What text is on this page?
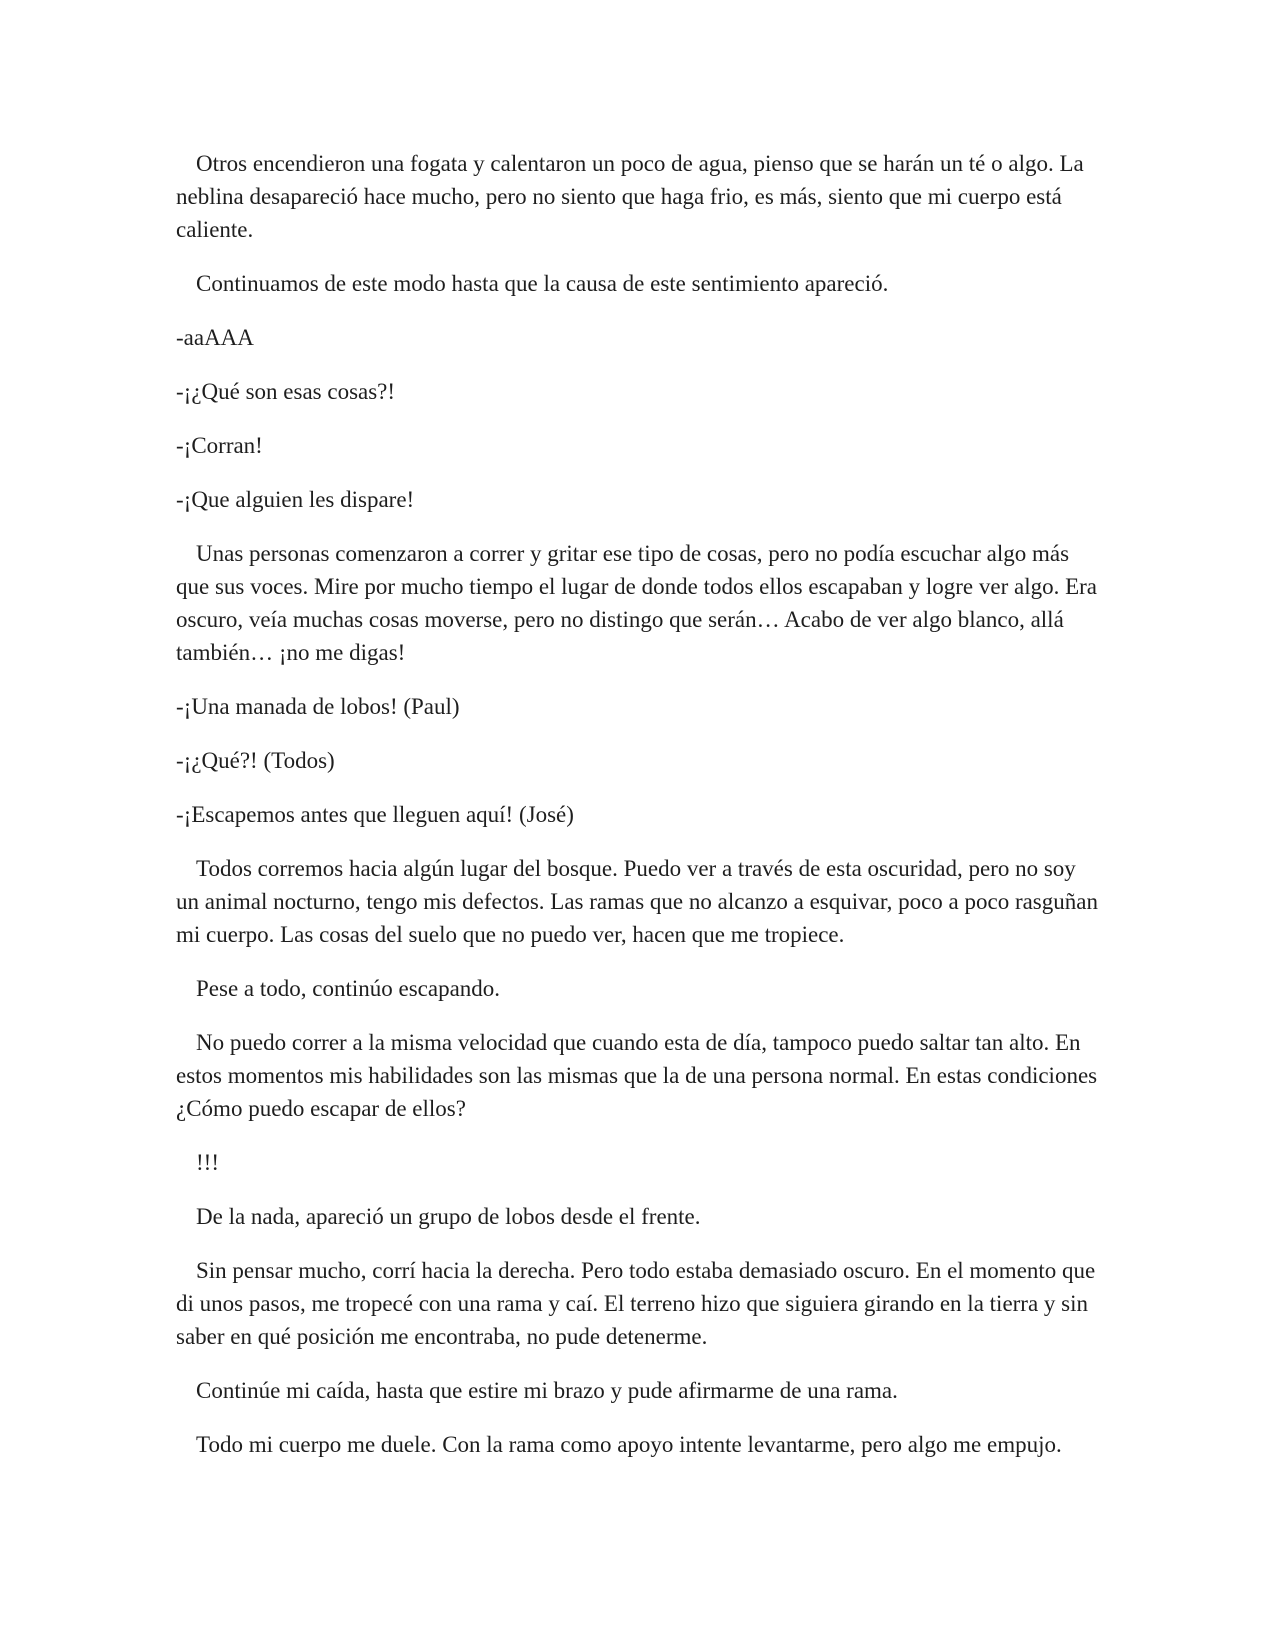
Otros encendieron una fogata y calentaron un poco de agua, pienso que se harán un té o algo. La neblina desapareció hace mucho, pero no siento que haga frio, es más, siento que mi cuerpo está caliente.

Continuamos de este modo hasta que la causa de este sentimiento apareció.

-aaAAA

-¡¿Qué son esas cosas?!

-¡Corran!

-¡Que alguien les dispare!

Unas personas comenzaron a correr y gritar ese tipo de cosas, pero no podía escuchar algo más que sus voces. Mire por mucho tiempo el lugar de donde todos ellos escapaban y logre ver algo. Era oscuro, veía muchas cosas moverse, pero no distingo que serán… Acabo de ver algo blanco, allá también… ¡no me digas!

-¡Una manada de lobos! (Paul)

-¡¿Qué?! (Todos)

-¡Escapemos antes que lleguen aquí! (José)

Todos corremos hacia algún lugar del bosque. Puedo ver a través de esta oscuridad, pero no soy un animal nocturno, tengo mis defectos. Las ramas que no alcanzo a esquivar, poco a poco rasguñan mi cuerpo. Las cosas del suelo que no puedo ver, hacen que me tropiece.

Pese a todo, continúo escapando.

No puedo correr a la misma velocidad que cuando esta de día, tampoco puedo saltar tan alto. En estos momentos mis habilidades son las mismas que la de una persona normal. En estas condiciones ¿Cómo puedo escapar de ellos?

!!!

De la nada, apareció un grupo de lobos desde el frente.

Sin pensar mucho, corrí hacia la derecha. Pero todo estaba demasiado oscuro. En el momento que di unos pasos, me tropecé con una rama y caí. El terreno hizo que siguiera girando en la tierra y sin saber en qué posición me encontraba, no pude detenerme.

Continúe mi caída, hasta que estire mi brazo y pude afirmarme de una rama.

Todo mi cuerpo me duele. Con la rama como apoyo intente levantarme, pero algo me empujo.
